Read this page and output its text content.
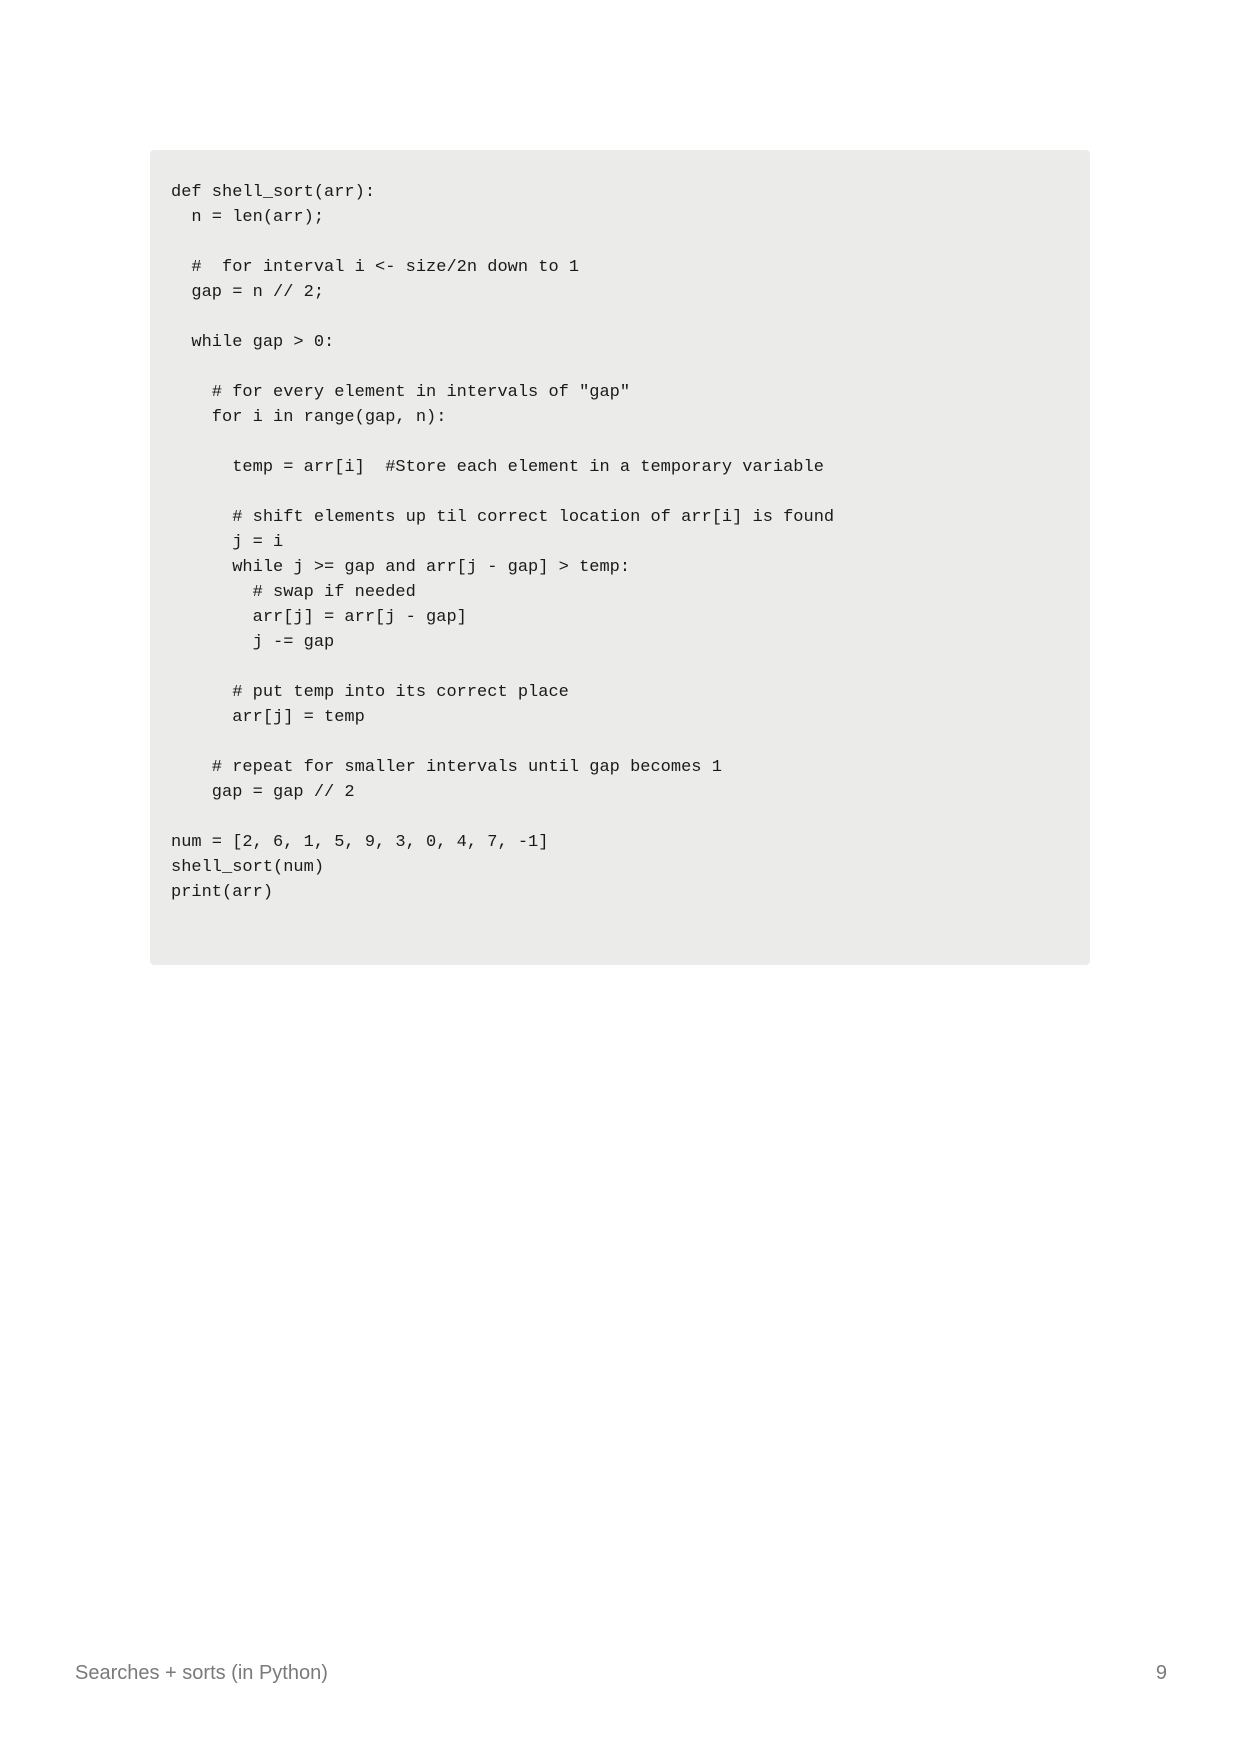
def shell_sort(arr):
n = len(arr);
#  for interval i <- size/2n down to 1
gap = n // 2;
while gap > 0:
# for every element in intervals of "gap"
for i in range(gap, n):
temp = arr[i]  #Store each element in a temporary variable
# shift elements up til correct location of arr[i] is found
j = i
while j >= gap and arr[j - gap] > temp:
# swap if needed
arr[j] = arr[j - gap]
j -= gap
# put temp into its correct place
arr[j] = temp
# repeat for smaller intervals until gap becomes 1
gap = gap // 2
num = [2, 6, 1, 5, 9, 3, 0, 4, 7, -1]
shell_sort(num)
print(arr)
Searches + sorts (in Python)	9
